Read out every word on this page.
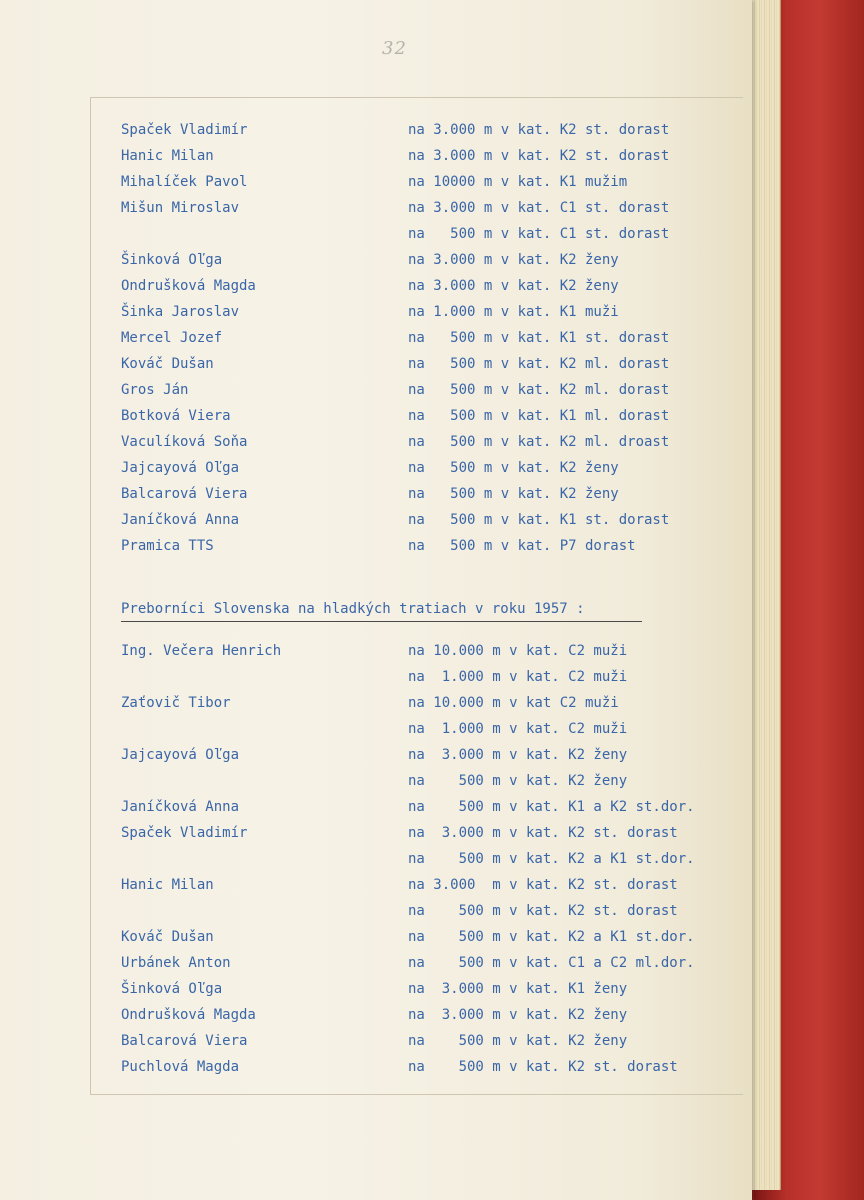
32
Spaček Vladimír	na 3.000 m v kat. K2 st. dorast
Hanic Milan	na 3.000 m v kat. K2 st. dorast
Mihalíček Pavol	na 10000 m v kat. K1 mužim
Mišun Miroslav	na 3.000 m v kat. C1 st. dorast
na   500 m v kat. C1 st. dorast
Šinková Oľga	na 3.000 m v kat. K2 ženy
Ondrušková Magda	na 3.000 m v kat. K2 ženy
Šinka Jaroslav	na 1.000 m v kat. K1 muži
Mercel Jozef	na   500 m v kat. K1 st. dorast
Kováč Dušan	na   500 m v kat. K2 ml. dorast
Gros Ján	na   500 m v kat. K2 ml. dorast
Botková Viera	na   500 m v kat. K1 ml. dorast
Vaculíková Soňa	na   500 m v kat. K2 ml. droast
Jajcayová Oľga	na   500 m v kat. K2 ženy
Balcarová Viera	na   500 m v kat. K2 ženy
Janíčková Anna	na   500 m v kat. K1 st. dorast
Pramica TTS	na   500 m v kat. P7 dorast
Preborníci Slovenska na hladkých tratiach v roku 1957 :
Ing. Večera Henrich	na 10.000 m v kat. C2 muži
na  1.000 m v kat. C2 muži
Zaťovič Tibor	na 10.000 m v kat C2 muži
na  1.000 m v kat. C2 muži
Jajcayová Oľga	na  3.000 m v kat. K2 ženy
na    500 m v kat. K2 ženy
Janíčková Anna	na    500 m v kat. K1 a K2 st.dor.
Spaček Vladimír	na  3.000 m v kat. K2 st. dorast
na    500 m v kat. K2 a K1 st.dor.
Hanic Milan	na 3.000  m v kat. K2 st. dorast
na    500 m v kat. K2 st. dorast
Kováč Dušan	na    500 m v kat. K2 a K1 st.dor.
Urbánek Anton	na    500 m v kat. C1 a C2 ml.dor.
Šinková Oľga	na  3.000 m v kat. K1 ženy
Ondrušková Magda	na  3.000 m v kat. K2 ženy
Balcarová Viera	na    500 m v kat. K2 ženy
Puchlová Magda	na    500 m v kat. K2 st. dorast
